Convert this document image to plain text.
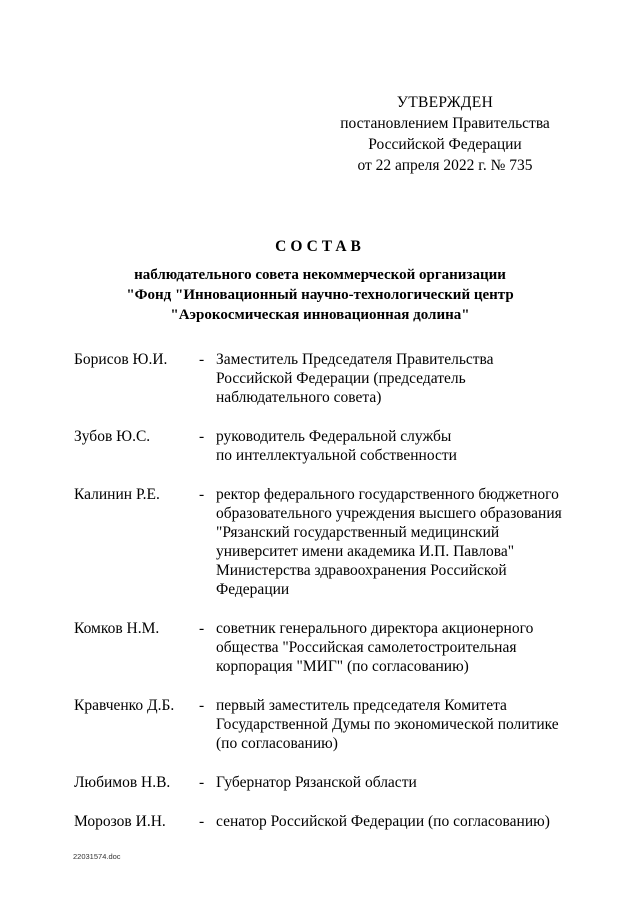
УТВЕРЖДЕН
постановлением Правительства
Российской Федерации
от 22 апреля 2022 г. № 735
СОСТАВ
наблюдательного совета некоммерческой организации
"Фонд "Инновационный научно-технологический центр
"Аэрокосмическая инновационная долина"
Борисов Ю.И.	- Заместитель Председателя Правительства
Российской Федерации (председатель
наблюдательного совета)
Зубов Ю.С.	- руководитель Федеральной службы
по интеллектуальной собственности
Калинин Р.Е.	- ректор федерального государственного бюджетного
образовательного учреждения высшего образования
"Рязанский государственный медицинский
университет имени академика И.П. Павлова"
Министерства здравоохранения Российской
Федерации
Комков Н.М.	- советник генерального директора акционерного
общества "Российская самолетостроительная
корпорация "МИГ" (по согласованию)
Кравченко Д.Б.	- первый заместитель председателя Комитета
Государственной Думы по экономической политике
(по согласованию)
Любимов Н.В.	- Губернатор Рязанской области
Морозов И.Н.	- сенатор Российской Федерации (по согласованию)
22031574.doc
